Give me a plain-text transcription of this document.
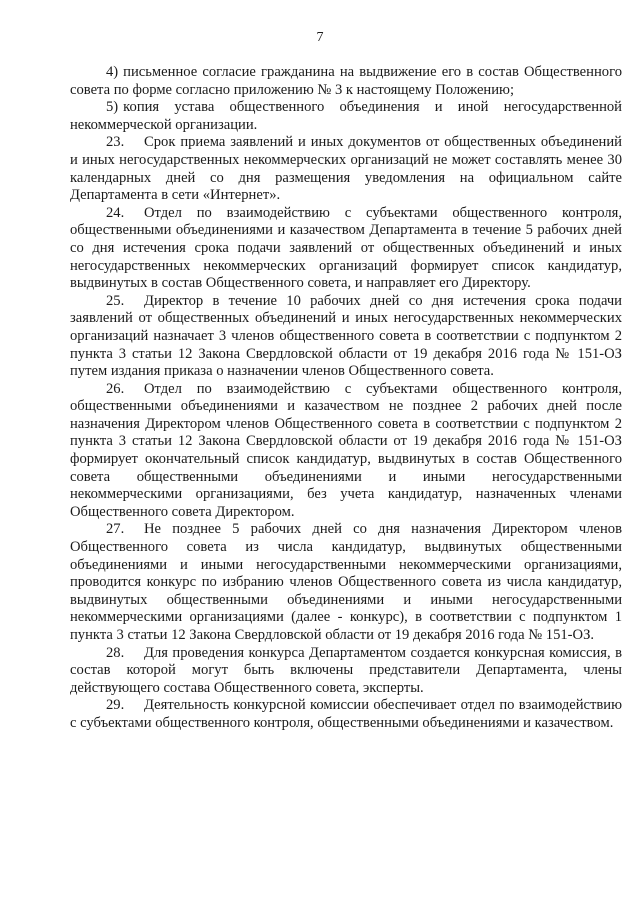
7

4) письменное согласие гражданина на выдвижение его в состав Общественного совета по форме согласно приложению № 3 к настоящему Положению;

5) копия устава общественного объединения и иной негосударственной некоммерческой организации.

23. Срок приема заявлений и иных документов от общественных объединений и иных негосударственных некоммерческих организаций не может составлять менее 30 календарных дней со дня размещения уведомления на официальном сайте Департамента в сети «Интернет».

24. Отдел по взаимодействию с субъектами общественного контроля, общественными объединениями и казачеством Департамента в течение 5 рабочих дней со дня истечения срока подачи заявлений от общественных объединений и иных негосударственных некоммерческих организаций формирует список кандидатур, выдвинутых в состав Общественного совета, и направляет его Директору.

25. Директор в течение 10 рабочих дней со дня истечения срока подачи заявлений от общественных объединений и иных негосударственных некоммерческих организаций назначает 3 членов общественного совета в соответствии с подпунктом 2 пункта 3 статьи 12 Закона Свердловской области от 19 декабря 2016 года № 151-ОЗ путем издания приказа о назначении членов Общественного совета.

26. Отдел по взаимодействию с субъектами общественного контроля, общественными объединениями и казачеством не позднее 2 рабочих дней после назначения Директором членов Общественного совета в соответствии с подпунктом 2 пункта 3 статьи 12 Закона Свердловской области от 19 декабря 2016 года № 151-ОЗ формирует окончательный список кандидатур, выдвинутых в состав Общественного совета общественными объединениями и иными негосударственными некоммерческими организациями, без учета кандидатур, назначенных членами Общественного совета Директором.

27. Не позднее 5 рабочих дней со дня назначения Директором членов Общественного совета из числа кандидатур, выдвинутых общественными объединениями и иными негосударственными некоммерческими организациями, проводится конкурс по избранию членов Общественного совета из числа кандидатур, выдвинутых общественными объединениями и иными негосударственными некоммерческими организациями (далее - конкурс), в соответствии с подпунктом 1 пункта 3 статьи 12 Закона Свердловской области от 19 декабря 2016 года № 151-ОЗ.

28. Для проведения конкурса Департаментом создается конкурсная комиссия, в состав которой могут быть включены представители Департамента, члены действующего состава Общественного совета, эксперты.

29. Деятельность конкурсной комиссии обеспечивает отдел по взаимодействию с субъектами общественного контроля, общественными объединениями и казачеством.
